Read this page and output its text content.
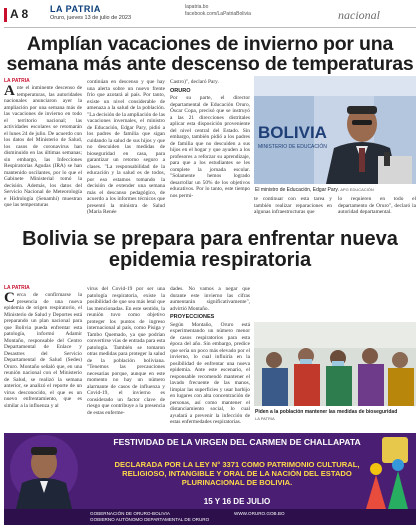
A 8 LA PATRIA
Oruro, jueves 13 de julio de 2023
lapatria.bo
facebook.com/LaPatriaBolivia	nacional
Amplían vacaciones de invierno por una semana más ante descenso de temperaturas
LA PATRIA
Ante el inminente descenso de temperaturas, las autoridades nacionales anunciaron ayer la ampliación por una semana más de las vacaciones de invierno en todo el territorio nacional; las actividades escolares se retomarán el lunes 24 de julio. De acuerdo con los datos del Ministerio de Salud, los casos de coronavirus han disminuido en las últimas semanas; sin embargo, las Infecciones Respiratorias Agudas (IRA) se han mantenido oscilantes, por lo que el Gabinete Ministerial tomó la decisión. Además, los datos del Servicio Nacional de Meteorología e Hidrología (Senamhi) muestran que las temperaturas
continúan en descenso y que hay una alerta sobre un nuevo frente frío que azotará al país. Por tanto, existe un nivel considerable de amenaza a la salud de la población. "La decisión de la ampliación de las vacaciones invernales, el ministro de Educación, Edgar Pary, pidió a los padres de familia que sigan cuidando la salud de sus hijos y que no descuiden las medidas de bioseguridad en casa, para garantizar un retorno seguro a clases. "La responsabilidad de la educación y la salud es de todos, por eso estamos tomando la decisión de extender una semana más el descanso pedagógico, de acuerdo a los informes técnicos que presentó la ministra de Salud (María Renée
Castro)", declaró Pary.
ORURO
Por su parte, el director departamental de Educación Oruro, Óscar Copa, precisó que se instruyó a las 21 direcciones distritales aplicar esta disposición proveniente del nivel central del Estado. Sin embargo, también pidió a los padres de familia que no descuiden a sus hijos en el hogar y que ayuden a los profesores a reforzar su aprendizaje, para que a los estudiantes se les complete la jornada escolar. "Solamente hemos logrado desarrollar un 50% de los objetivos educativos. Por lo tanto, este tiempo nos permi-
BOLIVIA
MINISTERIO DE EDUCACIÓN
El ministro de Educación, Edgar Pary. APG EDUCACIÓN
te continuar con esta tarea y también realizar reparaciones en algunas infraestructuras que
lo requieren en todo el departamento de Oruro", declaró la autoridad departamental.
Bolivia se prepara para enfrentar nueva epidemia respiratoria
LA PATRIA
Cerca de confirmarse la presencia de una nueva epidemia de origen respiratorio, el Ministerio de Salud y Deportes está preparando un plan nacional para que Bolivia pueda enfrentar esta patología, informó Adamir Montaño, responsable del Centro Departamental de Enlace y Desastres del Servicio Departamental de Salud (Sedes) Oruro. Montaño señaló que, en una reunión nacional con el Ministerio de Salud, se realizó la semana anterior, se analizó el reporte de un virus desconocido, el que es un nuevo enfrentamiento, que es similar a la influenza y al
virus del Covid-19 por ser una patología respiratoria, existe la posibilidad de que sea más letal que las mencionadas. En este sentido, la reunión tuvo como objetivo proteger los puntos de ingreso internacional al país, como Pisiga y Tambo Quemado, ya que podrían convertirse vías de entrada para esta patología. También se tomaron otras medidas para proteger la salud de la población boliviana. "Tenemos las precauciones necesarias porque, aunque en este momento no hay un número alarmante de casos de influenza y Covid-19, el invierno es considerado un factor clave de riesgo que contribuye a la presencia de estas enferme-
dades. No vamos a negar que durante este invierno las cifras aumentarán significativamente", advirtió Montaño.
PROYECCIONES
Según Montaño, Oruro está experimentando un número menor de casos respiratorios para esta época del año. Sin embargo, predice que sería un poco más elevado por el invierno, lo cual influiría en la posibilidad de enfrentar una nueva epidemia. Ante este escenario, el responsable recomendó mantener el lavado frecuente de las manos, limpiar las superficies y usar barbijo en lugares con alta concentración de personas, así como mantener el distanciamiento social, lo cual ayudará a prevenir la infección de estas enfermedades respiratorias.
Piden a la población mantener las medidas de bioseguridad
LA PATRIA
FESTIVIDAD DE LA VIRGEN DEL CARMEN DE CHALLAPATA
DECLARADA POR LA LEY N° 3371 COMO PATRIMONIO CULTURAL, RELIGIOSO, INTANGIBLE Y ORAL DE LA NACIÓN DEL ESTADO PLURINACIONAL DE BOLIVIA.
15 Y 16 DE JULIO
GOBERNACIÓN DE ORURO-BOLIVIA
GOBIERNO AUTÓNOMO DEPARTAMENTAL DE ORURO
WWW.ORURO.GOB.BO
